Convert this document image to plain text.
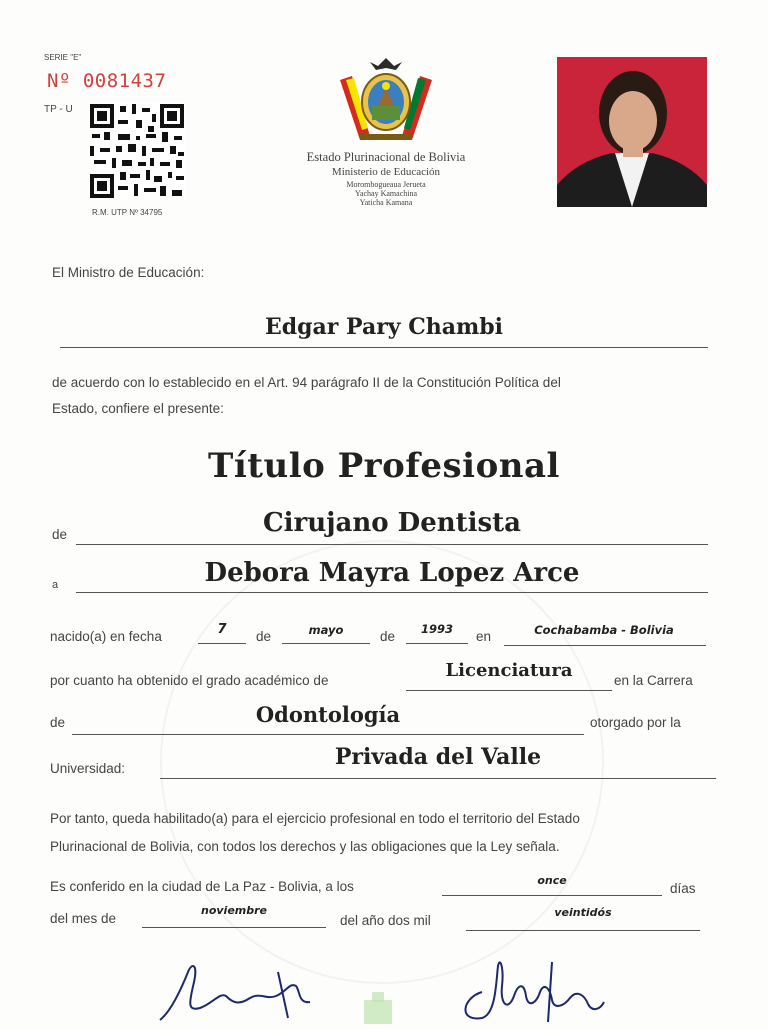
SERIE "E"
Nº 0081437
TP - U
R.M. UTP Nº 34795
Estado Plurinacional de Bolivia
Ministerio de Educación
Morombogueaua Jerueta
Yachay Kamachina
Yaticha Kamana
El Ministro de Educación:
Edgar Pary Chambi
de acuerdo con lo establecido en el Art. 94 parágrafo II de la Constitución Política del
Estado, confiere el presente:
Título Profesional
de	Cirujano Dentista
a	Debora Mayra Lopez Arce
nacido(a) en fecha	7	de	mayo	de	1993	en	Cochabamba - Bolivia
por cuanto ha obtenido el grado académico de	Licenciatura	en la Carrera
de	Odontología	otorgado por la
Universidad:	Privada del Valle
Por tanto, queda habilitado(a) para el ejercicio profesional en todo el territorio del Estado
Plurinacional de Bolivia, con todos los derechos y las obligaciones que la Ley señala.
Es conferido en la ciudad de La Paz - Bolivia, a los	once
días
del mes de
noviembre
del año dos mil
veintidós
